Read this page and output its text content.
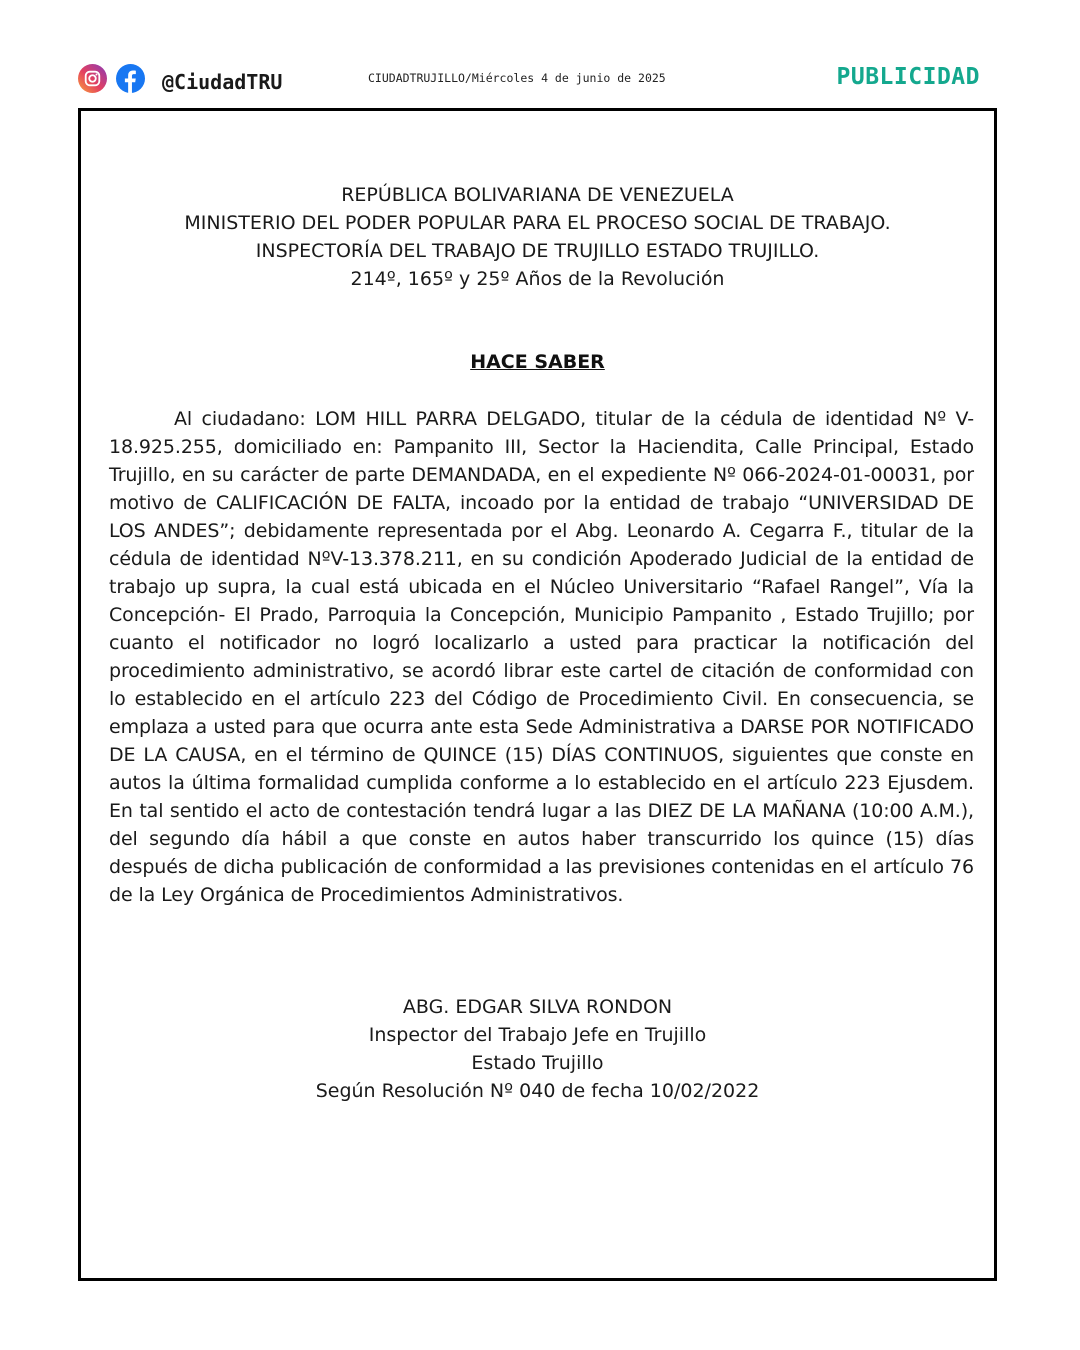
@CiudadTRU	CIUDADTRUJILLO/Miércoles 4 de junio de 2025	PUBLICIDAD
REPÚBLICA BOLIVARIANA DE VENEZUELA
MINISTERIO DEL PODER POPULAR PARA EL PROCESO SOCIAL DE TRABAJO.
INSPECTORÍA DEL TRABAJO DE TRUJILLO ESTADO TRUJILLO.
214º, 165º y 25º Años de la Revolución
HACE SABER

Al ciudadano: LOM HILL PARRA DELGADO, titular de la cédula de identidad Nº V-18.925.255, domiciliado en: Pampanito III, Sector la Haciendita, Calle Principal, Estado Trujillo, en su carácter de parte DEMANDADA, en el expediente Nº 066-2024-01-00031, por motivo de CALIFICACIÓN DE FALTA, incoado por la entidad de trabajo “UNIVERSIDAD DE LOS ANDES”; debidamente representada por el Abg. Leonardo A. Cegarra F., titular de la cédula de identidad NºV-13.378.211, en su condición Apoderado Judicial de la entidad de trabajo up supra, la cual está ubicada en el Núcleo Universitario “Rafael Rangel”, Vía la Concepción- El Prado, Parroquia la Concepción, Municipio Pampanito , Estado Trujillo; por cuanto el notificador no logró localizarlo a usted para practicar la notificación del procedimiento administrativo, se acordó librar este cartel de citación de conformidad con lo establecido en el artículo 223 del Código de Procedimiento Civil. En consecuencia, se emplaza a usted para que ocurra ante esta Sede Administrativa a DARSE POR NOTIFICADO DE LA CAUSA, en el término de QUINCE (15) DÍAS CONTINUOS, siguientes que conste en autos la última formalidad cumplida conforme a lo establecido en el artículo 223 Ejusdem. En tal sentido el acto de contestación tendrá lugar a las DIEZ DE LA MAÑANA (10:00 A.M.), del segundo día hábil a que conste en autos haber transcurrido los quince (15) días después de dicha publicación de conformidad a las previsiones contenidas en el artículo 76 de la Ley Orgánica de Procedimientos Administrativos.

ABG. EDGAR SILVA RONDON
Inspector del Trabajo Jefe en Trujillo
Estado Trujillo
Según Resolución Nº 040 de fecha 10/02/2022
